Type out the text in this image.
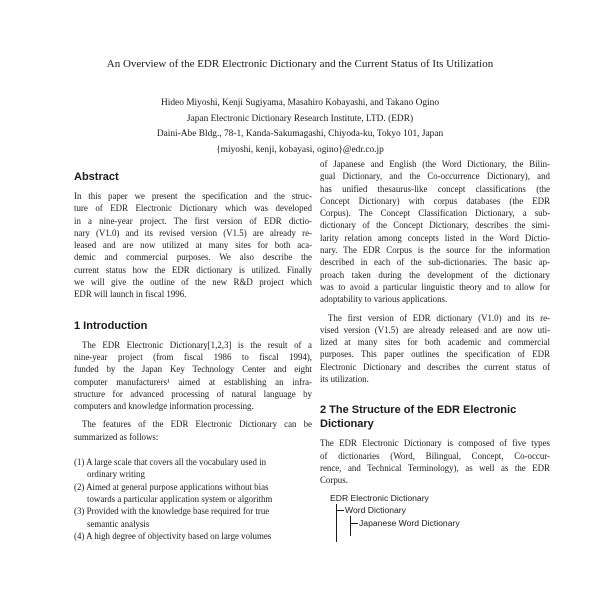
An Overview of the EDR Electronic Dictionary and the Current Status of Its Utilization
Hideo Miyoshi, Kenji Sugiyama, Masahiro Kobayashi, and Takano Ogino
Japan Electronic Dictionary Research Institute, LTD. (EDR)
Daini-Abe Bldg., 78-1, Kanda-Sakumagashi, Chiyoda-ku, Tokyo 101, Japan
{miyoshi, kenji, kobayasi, ogino}@edr.co.jp
Abstract
In this paper we present the specification and the struc-
ture of EDR Electronic Dictionary which was developed
in a nine-year project. The first version of EDR dictio-
nary (V1.0) and its revised version (V1.5) are already re-
leased and are now utilized at many sites for both aca-
demic and commercial purposes. We also describe the
current status how the EDR dictionary is utilized. Finally
we will give the outline of the new R&D project which
EDR will launch in fiscal 1996.
1 Introduction
The EDR Electronic Dictionary[1,2,3] is the result of a
nine-year project (from fiscal 1986 to fiscal 1994),
funded by the Japan Key Technology Center and eight
computer manufacturers¹ aimed at establishing an infra-
structure for advanced processing of natural language by
computers and knowledge information processing.
The features of the EDR Electronic Dictionary can be
summarized as follows:
(1) A large scale that covers all the vocabulary used in
ordinary writing
(2) Aimed at general purpose applications without bias
towards a particular application system or algorithm
(3) Provided with the knowledge base required for true
semantic analysis
(4) A high degree of objectivity based on large volumes
of Japanese and English (the Word Dictionary, the Bilin-
gual Dictionary, and the Co-occurrence Dictionary), and
has unified thesaurus-like concept classifications (the
Concept Dictionary) with corpus databases (the EDR
Corpus). The Concept Classification Dictionary, a sub-
dictionary of the Concept Dictionary, describes the simi-
larity relation among concepts listed in the Word Dictio-
nary. The EDR Corpus is the source for the information
described in each of the sub-dictionaries. The basic ap-
proach taken during the development of the dictionary
was to avoid a particular linguistic theory and to allow for
adoptability to various applications.
The first version of EDR dictionary (V1.0) and its re-
vised version (V1.5) are already released and are now uti-
lized at many sites for both academic and commercial
purposes. This paper outlines the specification of EDR
Electronic Dictionary and describes the current status of
its utilization.
2 The Structure of the EDR Electronic
Dictionary
The EDR Electronic Dictionary is composed of five types
of dictionaries (Word, Bilingual, Concept, Co-occur-
rence, and Technical Terminology), as well as the EDR
Corpus.
EDR Electronic Dictionary
Word Dictionary
Japanese Word Dictionary
